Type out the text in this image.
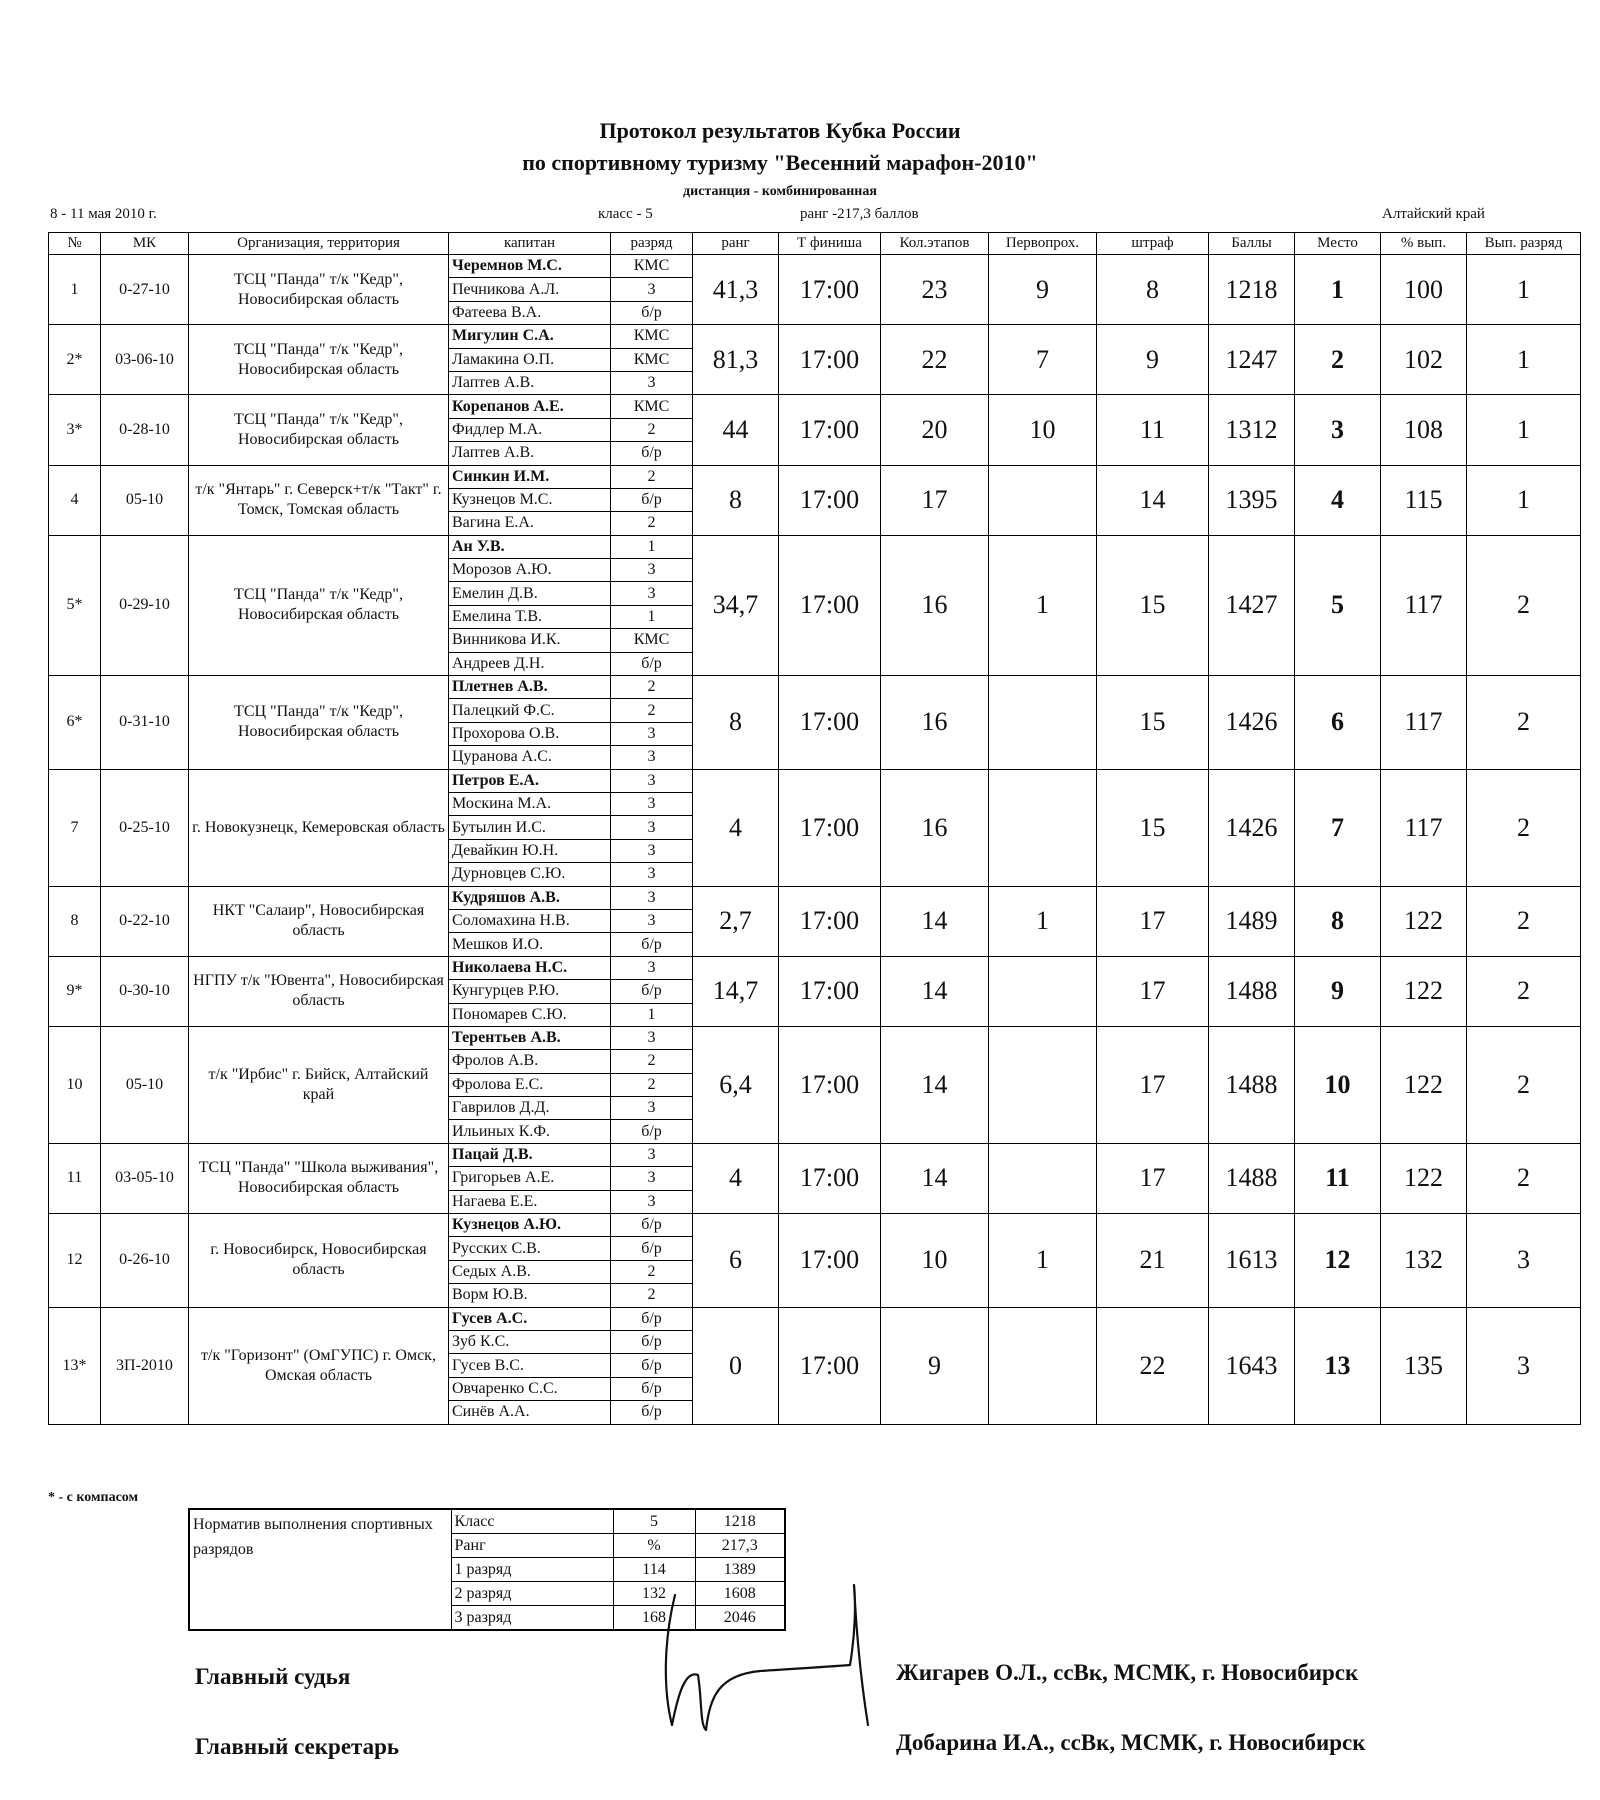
Протокол результатов Кубка России
по спортивному туризму "Весенний марафон-2010"
дистанция - комбинированная
8 - 11 мая 2010 г.	класс - 5	ранг -217,3 баллов	Алтайский край
№	МК	Организация, территория	капитан	разряд	ранг	Т финиша	Кол.этапов	Первопрох.	штраф	Баллы	Место	% вып.	Вып. разряд
1	0-27-10	ТСЦ "Панда" т/к "Кедр", Новосибирская область	Черемнов М.С.	КМС	41,3	17:00	23	9	8	1218	1	100	1
			Печникова А.Л.	3									
			Фатеева В.А.	б/р									
2*	03-06-10	ТСЦ "Панда" т/к "Кедр", Новосибирская область	Мигулин С.А.	КМС	81,3	17:00	22	7	9	1247	2	102	1
			Ламакина О.П.	КМС									
			Лаптев А.В.	3									
3*	0-28-10	ТСЦ "Панда" т/к "Кедр", Новосибирская область	Корепанов А.Е.	КМС	44	17:00	20	10	11	1312	3	108	1
			Фидлер М.А.	2									
			Лаптев А.В.	б/р									
4	05-10	т/к "Янтарь" г. Северск+т/к "Такт" г. Томск, Томская область	Синкин И.М.	2	8	17:00	17		14	1395	4	115	1
			Кузнецов М.С.	б/р									
			Вагина Е.А.	2									
5*	0-29-10	ТСЦ "Панда" т/к "Кедр", Новосибирская область	Ан У.В.	1	34,7	17:00	16	1	15	1427	5	117	2
			Морозов А.Ю.	3									
			Емелин Д.В.	3									
			Емелина Т.В.	1									
			Винникова И.К.	КМС									
			Андреев Д.Н.	б/р									
6*	0-31-10	ТСЦ "Панда" т/к "Кедр", Новосибирская область	Плетнев А.В.	2	8	17:00	16		15	1426	6	117	2
			Палецкий Ф.С.	2									
			Прохорова О.В.	3									
			Цуранова А.С.	3									
7	0-25-10	г. Новокузнецк, Кемеровская область	Петров Е.А.	3	4	17:00	16		15	1426	7	117	2
			Москина М.А.	3									
			Бутылин И.С.	3									
			Девайкин Ю.Н.	3									
			Дурновцев С.Ю.	3									
8	0-22-10	НКТ "Салаир", Новосибирская область	Кудряшов А.В.	3	2,7	17:00	14	1	17	1489	8	122	2
			Соломахина Н.В.	3									
			Мешков И.О.	б/р									
9*	0-30-10	НГПУ т/к "Ювента", Новосибирская область	Николаева Н.С.	3	14,7	17:00	14		17	1488	9	122	2
			Кунгурцев Р.Ю.	б/р									
			Пономарев С.Ю.	1									
10	05-10	т/к "Ирбис" г. Бийск, Алтайский край	Терентьев А.В.	3	6,4	17:00	14		17	1488	10	122	2
			Фролов А.В.	2									
			Фролова Е.С.	2									
			Гаврилов Д.Д.	3									
			Ильиных К.Ф.	б/р									
11	03-05-10	ТСЦ "Панда" "Школа выживания", Новосибирская область	Пацай Д.В.	3	4	17:00	14		17	1488	11	122	2
			Григорьев А.Е.	3									
			Нагаева Е.Е.	3									
12	0-26-10	г. Новосибирск, Новосибирская область	Кузнецов А.Ю.	б/р	6	17:00	10	1	21	1613	12	132	3
			Русских С.В.	б/р									
			Седых А.В.	2									
			Ворм Ю.В.	2									
13*	3П-2010	т/к "Горизонт" (ОмГУПС) г. Омск, Омская область	Гусев А.С.	б/р	0	17:00	9		22	1643	13	135	3
			Зуб К.С.	б/р									
			Гусев В.С.	б/р									
			Овчаренко С.С.	б/р									
			Синёв А.А.	б/р									
* - с компасом
Норматив выполнения спортивных разрядов	Класс	5	1218
	Ранг	%	217,3
	1 разряд	114	1389
	2 разряд	132	1608
	3 разряд	168	2046
Главный судья	Жигарев О.Л., ссВк, МСМК, г. Новосибирск
Главный секретарь	Добарина И.А., ссВк, МСМК, г. Новосибирск
